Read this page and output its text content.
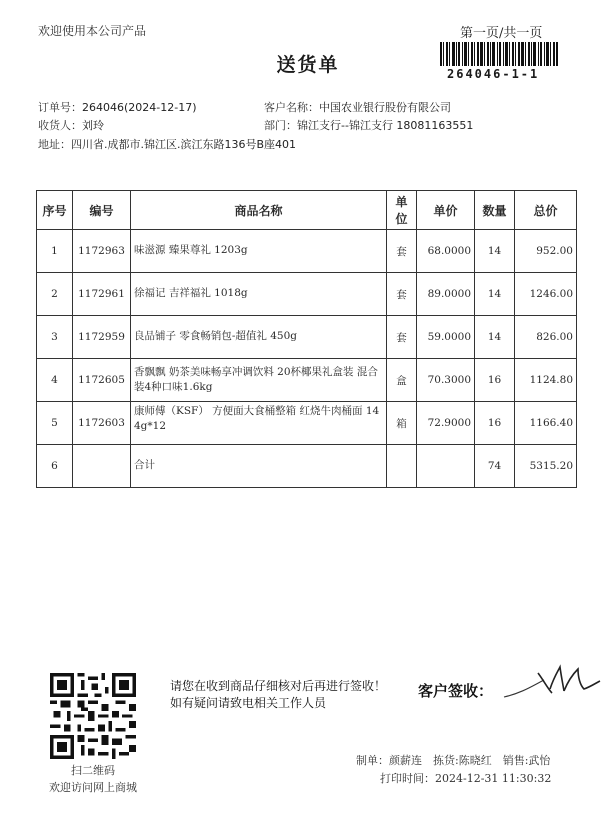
欢迎使用本公司产品	第一页/共一页
送货单	264046-1-1
订单号：264046(2024-12-17)
收货人：刘玲
地址：四川省.成都市.锦江区.滨江东路136号B座401
客户名称：中国农业银行股份有限公司
部门：锦江支行--锦江支行 18081163551
序号	编号	商品名称	单位	单价	数量	总价
1	1172963	味滋源 臻果尊礼 1203g	套	68.0000	14	952.00
2	1172961	徐福记 吉祥福礼 1018g	套	89.0000	14	1246.00
3	1172959	良品铺子 零食畅销包-超值礼 450g	套	59.0000	14	826.00
4	1172605	香飘飘 奶茶美味畅享冲调饮料 20杯椰果礼盒装 混合装4种口味1.6kg	盒	70.3000	16	1124.80
5	1172603	康师傅（KSF） 方便面大食桶整箱 红烧牛肉桶面 144g*12	箱	72.9000	16	1166.40
6		合计			74	5315.20
扫二维码
欢迎访问网上商城
请您在收到商品仔细核对后再进行签收！如有疑问请致电相关工作人员
客户签收：
制单：颜薪连　拣货:陈晓红　销售:武怡
打印时间：2024-12-31 11:30:32
